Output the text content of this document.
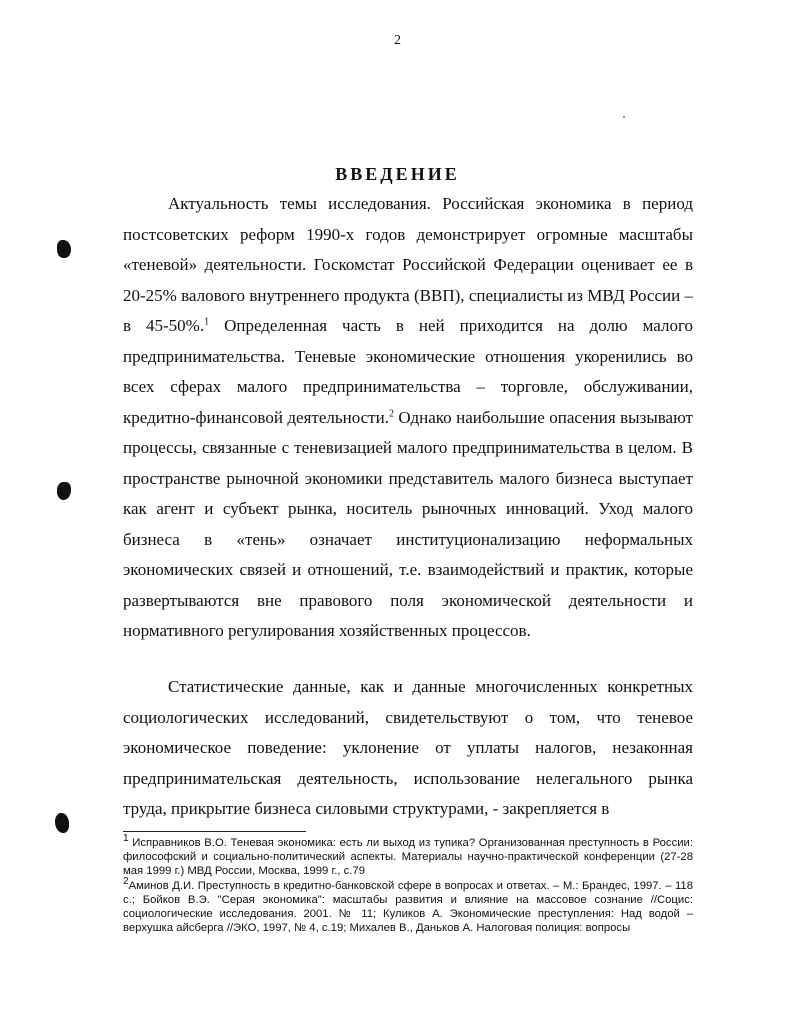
2
ВВЕДЕНИЕ

Актуальность темы исследования. Российская экономика в период постсоветских реформ 1990-х годов демонстрирует огромные масштабы «теневой» деятельности. Госкомстат Российской Федерации оценивает ее в 20-25% валового внутреннего продукта (ВВП), специалисты из МВД России – в 45-50%.$^1$ Определенная часть в ней приходится на долю малого предпринимательства. Теневые экономические отношения укоренились во всех сферах малого предпринимательства – торговле, обслуживании, кредитно-финансовой деятельности.$^2$ Однако наибольшие опасения вызывают процессы, связанные с теневизацией малого предпринимательства в целом. В пространстве рыночной экономики представитель малого бизнеса выступает как агент и субъект рынка, носитель рыночных инноваций. Уход малого бизнеса в «тень» означает институционализацию неформальных экономических связей и отношений, т.е. взаимодействий и практик, которые развертываются вне правового поля экономической деятельности и нормативного регулирования хозяйственных процессов.

Статистические данные, как и данные многочисленных конкретных социологических исследований, свидетельствуют о том, что теневое экономическое поведение: уклонение от уплаты налогов, незаконная предпринимательская деятельность, использование нелегального рынка труда, прикрытие бизнеса силовыми структурами, - закрепляется в

$^1$ Исправников В.О. Теневая экономика: есть ли выход из тупика? Организованная преступность в России: философский и социально-политический аспекты. Материалы научно-практической конференции (27-28 мая 1999 г.) МВД России, Москва, 1999 г., с.79

$^2$Аминов Д.И. Преступность в кредитно-банковской сфере в вопросах и ответах. – М.: Брандес, 1997. – 118 с.; Бойков В.Э. "Серая экономика": масштабы развития и влияние на массовое сознание //Социс: социологические исследования. 2001. № 11; Куликов А. Экономические преступления: Над водой – верхушка айсберга //ЭКО, 1997, № 4, с.19; Михалев В., Даньков А. Налоговая полиция: вопросы
